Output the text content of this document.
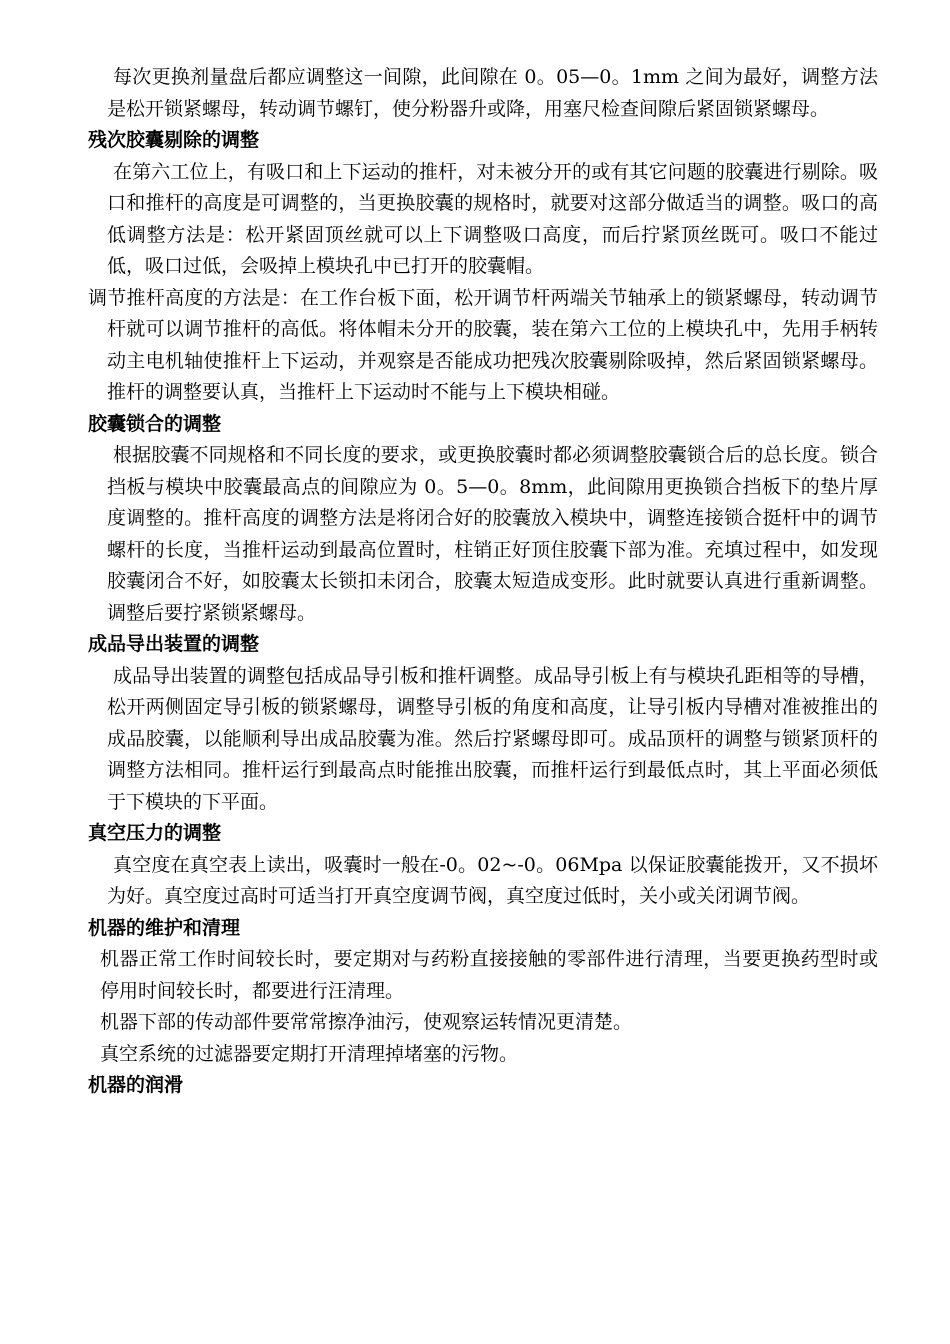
每次更换剂量盘后都应调整这一间隙，此间隙在 0。05—0。1mm 之间为最好，调整方法是松开锁紧螺母，转动调节螺钉，使分粉器升或降，用塞尺检查间隙后紧固锁紧螺母。

残次胶囊剔除的调整

在第六工位上，有吸口和上下运动的推杆，对未被分开的或有其它问题的胶囊进行剔除。吸口和推杆的高度是可调整的，当更换胶囊的规格时，就要对这部分做适当的调整。吸口的高低调整方法是：松开紧固顶丝就可以上下调整吸口高度，而后拧紧顶丝既可。吸口不能过低，吸口过低，会吸掉上模块孔中已打开的胶囊帽。

调节推杆高度的方法是：在工作台板下面，松开调节杆两端关节轴承上的锁紧螺母，转动调节杆就可以调节推杆的高低。将体帽未分开的胶囊，装在第六工位的上模块孔中，先用手柄转动主电机轴使推杆上下运动，并观察是否能成功把残次胶囊剔除吸掉，然后紧固锁紧螺母。推杆的调整要认真，当推杆上下运动时不能与上下模块相碰。

胶囊锁合的调整

根据胶囊不同规格和不同长度的要求，或更换胶囊时都必须调整胶囊锁合后的总长度。锁合挡板与模块中胶囊最高点的间隙应为 0。5—0。8mm，此间隙用更换锁合挡板下的垫片厚度调整的。推杆高度的调整方法是将闭合好的胶囊放入模块中，调整连接锁合挺杆中的调节螺杆的长度，当推杆运动到最高位置时，柱销正好顶住胶囊下部为准。充填过程中，如发现胶囊闭合不好，如胶囊太长锁扣未闭合，胶囊太短造成变形。此时就要认真进行重新调整。调整后要拧紧锁紧螺母。

成品导出装置的调整

成品导出装置的调整包括成品导引板和推杆调整。成品导引板上有与模块孔距相等的导槽，松开两侧固定导引板的锁紧螺母，调整导引板的角度和高度，让导引板内导槽对准被推出的成品胶囊，以能顺利导出成品胶囊为准。然后拧紧螺母即可。成品顶杆的调整与锁紧顶杆的调整方法相同。推杆运行到最高点时能推出胶囊，而推杆运行到最低点时，其上平面必须低于下模块的下平面。

真空压力的调整

真空度在真空表上读出，吸囊时一般在-0。02~-0。06Mpa 以保证胶囊能拨开，又不损坏为好。真空度过高时可适当打开真空度调节阀，真空度过低时，关小或关闭调节阀。

机器的维护和清理

机器正常工作时间较长时，要定期对与药粉直接接触的零部件进行清理，当要更换药型时或停用时间较长时，都要进行汪清理。

机器下部的传动部件要常常擦净油污，使观察运转情况更清楚。

真空系统的过滤器要定期打开清理掉堵塞的污物。

机器的润滑
